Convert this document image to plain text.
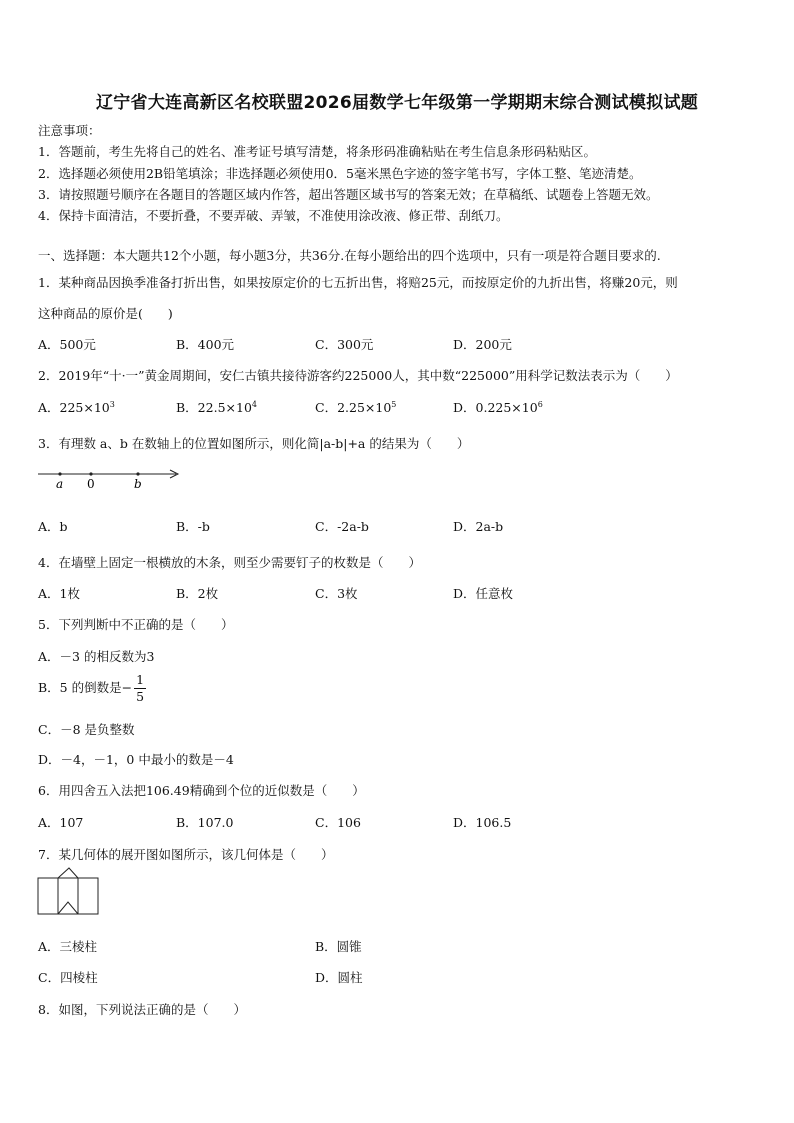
辽宁省大连高新区名校联盟2026届数学七年级第一学期期末综合测试模拟试题
注意事项：
1．答题前，考生先将自己的姓名、准考证号填写清楚，将条形码准确粘贴在考生信息条形码粘贴区。
2．选择题必须使用2B铅笔填涂；非选择题必须使用0．5毫米黑色字迹的签字笔书写，字体工整、笔迹清楚。
3．请按照题号顺序在各题目的答题区域内作答，超出答题区域书写的答案无效；在草稿纸、试题卷上答题无效。
4．保持卡面清洁，不要折叠，不要弄破、弄皱，不准使用涂改液、修正带、刮纸刀。
一、选择题：本大题共12个小题，每小题3分，共36分.在每小题给出的四个选项中，只有一项是符合题目要求的.
1．某种商品因换季准备打折出售，如果按原定价的七五折出售，将赔25元，而按原定价的九折出售，将赚20元，则
这种商品的原价是(　　)
A．500元	B．400元	C．300元	D．200元
2．2019年“十·一”黄金周期间，安仁古镇共接待游客约225000人，其中数“225000”用科学记数法表示为（　　）
A．$225\times 10^3$	B．$22.5\times 10^4$	C．$2.25\times 10^5$	D．$0.225\times 10^6$
3．有理数 a、b 在数轴上的位置如图所示，则化简|a-b|+a 的结果为（　　）
a 0	b
A．b	B．-b	C．-2a-b	D．2a-b
4．在墙壁上固定一根横放的木条，则至少需要钉子的枚数是（　　）
A．1枚	B．2枚	C．3枚	D．任意枚
5．下列判断中不正确的是（　　）
A．－3 的相反数为3
B．5 的倒数是− $\frac{1}{5}$
C．－8 是负整数
D．－4，－1，0 中最小的数是－4
6．用四舍五入法把106.49精确到个位的近似数是（　　）
A．107	B．107.0	C．106	D．106.5
7．某几何体的展开图如图所示，该几何体是（　　）
A．三棱柱	B．圆锥
C．四棱柱	D．圆柱
8．如图，下列说法正确的是（　　）
